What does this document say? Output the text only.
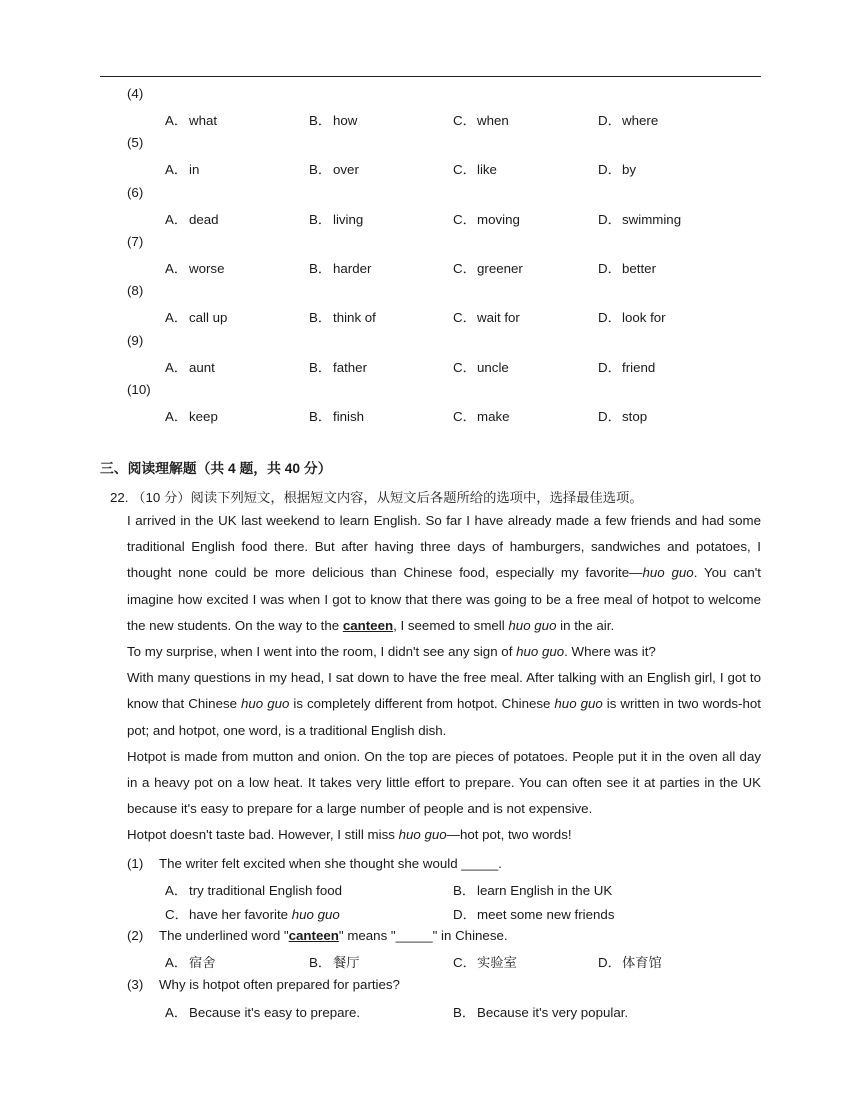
(4)
A． what	B． how	C．when	D．where
(5)
A． in	B． over	C．like	D．by
(6)
A． dead	B． living	C．moving	D．swimming
(7)
A． worse	B． harder	C．greener	D．better
(8)
A． call up	B． think of	C．wait for	D．look for
(9)
A． aunt	B． father	C．uncle	D．friend
(10)
A． keep	B． finish	C．make	D．stop
三、阅读理解题（共 4 题，共 40 分）
22. （10 分）阅读下列短文，根据短文内容，从短文后各题所给的选项中，选择最佳选项。

I arrived in the UK last weekend to learn English. So far I have already made a few friends and had some traditional English food there. But after having three days of hamburgers, sandwiches and potatoes, I thought none could be more delicious than Chinese food, especially my favorite—huo guo. You can't imagine how excited I was when I got to know that there was going to be a free meal of hotpot to welcome the new students. On the way to the canteen, I seemed to smell huo guo in the air.

To my surprise, when I went into the room, I didn't see any sign of huo guo. Where was it?

With many questions in my head, I sat down to have the free meal. After talking with an English girl, I got to know that Chinese huo guo is completely different from hotpot. Chinese huo guo is written in two words-hot pot; and hotpot, one word, is a traditional English dish.

Hotpot is made from mutton and onion. On the top are pieces of potatoes. People put it in the oven all day in a heavy pot on a low heat. It takes very little effort to prepare. You can often see it at parties in the UK because it's easy to prepare for a large number of people and is not expensive.

Hotpot doesn't taste bad. However, I still miss huo guo—hot pot, two words!

(1) The writer felt excited when she thought she would _____.
A． try traditional English food	B． learn English in the UK
C．have her favorite huo guo	D．meet some new friends
(2) The underlined word "canteen" means "_____" in Chinese.
A． 宿舍	B． 餐厅	C．实验室	D．体育馆
(3) Why is hotpot often prepared for parties?
A． Because it's easy to prepare.	B． Because it's very popular.
